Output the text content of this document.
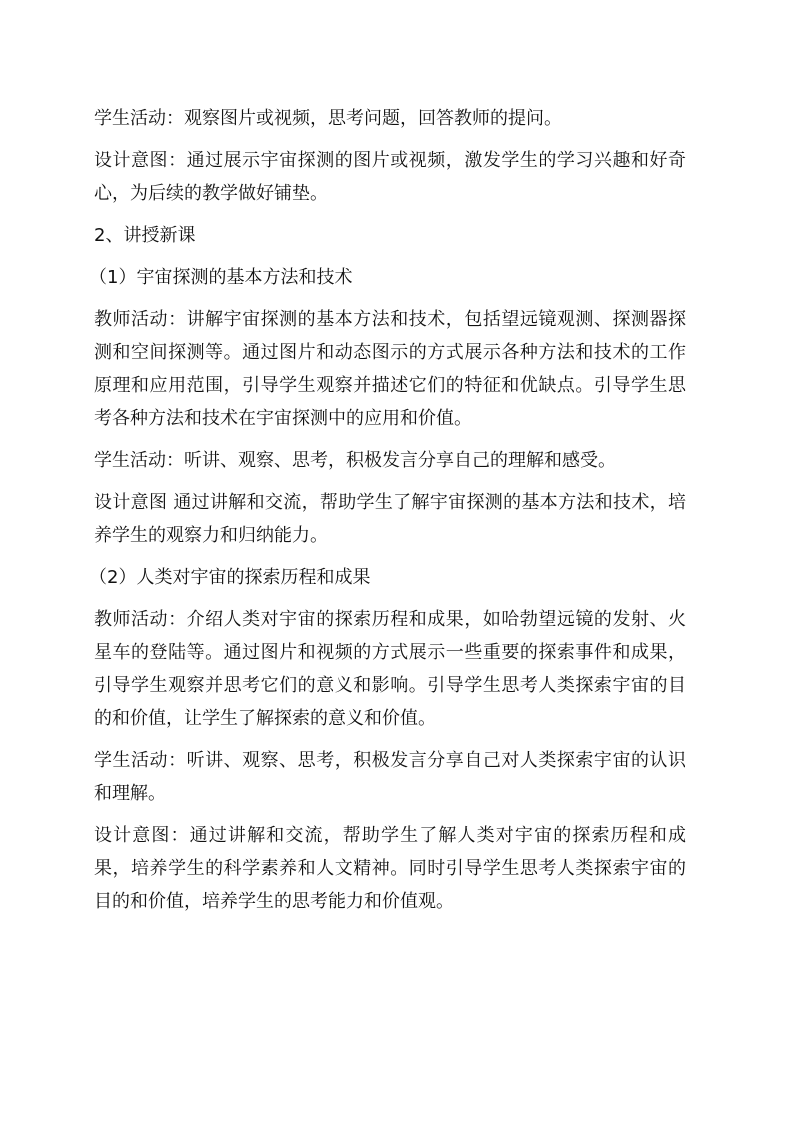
学生活动：观察图片或视频，思考问题，回答教师的提问。

设计意图：通过展示宇宙探测的图片或视频，激发学生的学习兴趣和好奇心，为后续的教学做好铺垫。

2、讲授新课

（1）宇宙探测的基本方法和技术

教师活动：讲解宇宙探测的基本方法和技术，包括望远镜观测、探测器探测和空间探测等。通过图片和动态图示的方式展示各种方法和技术的工作原理和应用范围，引导学生观察并描述它们的特征和优缺点。引导学生思考各种方法和技术在宇宙探测中的应用和价值。

学生活动：听讲、观察、思考，积极发言分享自己的理解和感受。

设计意图 通过讲解和交流，帮助学生了解宇宙探测的基本方法和技术，培养学生的观察力和归纳能力。

（2）人类对宇宙的探索历程和成果

教师活动：介绍人类对宇宙的探索历程和成果，如哈勃望远镜的发射、火星车的登陆等。通过图片和视频的方式展示一些重要的探索事件和成果，引导学生观察并思考它们的意义和影响。引导学生思考人类探索宇宙的目的和价值，让学生了解探索的意义和价值。

学生活动：听讲、观察、思考，积极发言分享自己对人类探索宇宙的认识和理解。

设计意图：通过讲解和交流，帮助学生了解人类对宇宙的探索历程和成果，培养学生的科学素养和人文精神。同时引导学生思考人类探索宇宙的目的和价值，培养学生的思考能力和价值观。
